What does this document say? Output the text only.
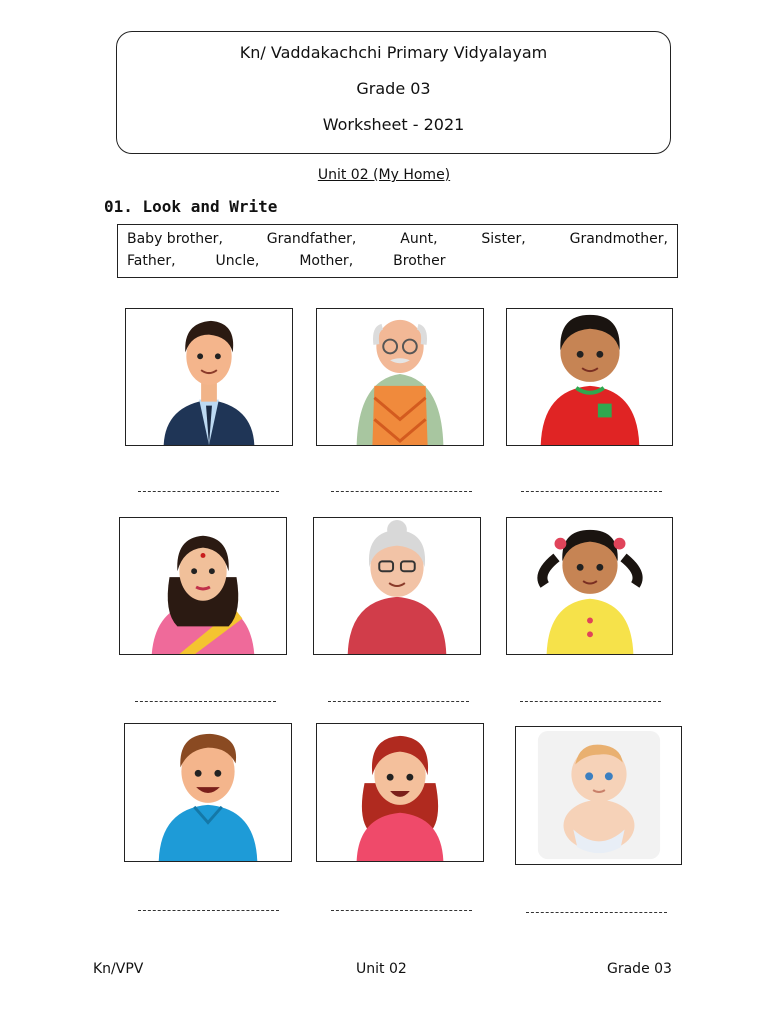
Kn/ Vaddakachchi Primary Vidyalayam
Grade 03
Worksheet - 2021
Unit 02 (My Home)
01. Look and Write
Baby brother,	Grandfather,	Aunt,	Sister,	Grandmother,
Father,	Uncle,	Mother,	Brother
Kn/VPV	Unit 02	Grade 03
